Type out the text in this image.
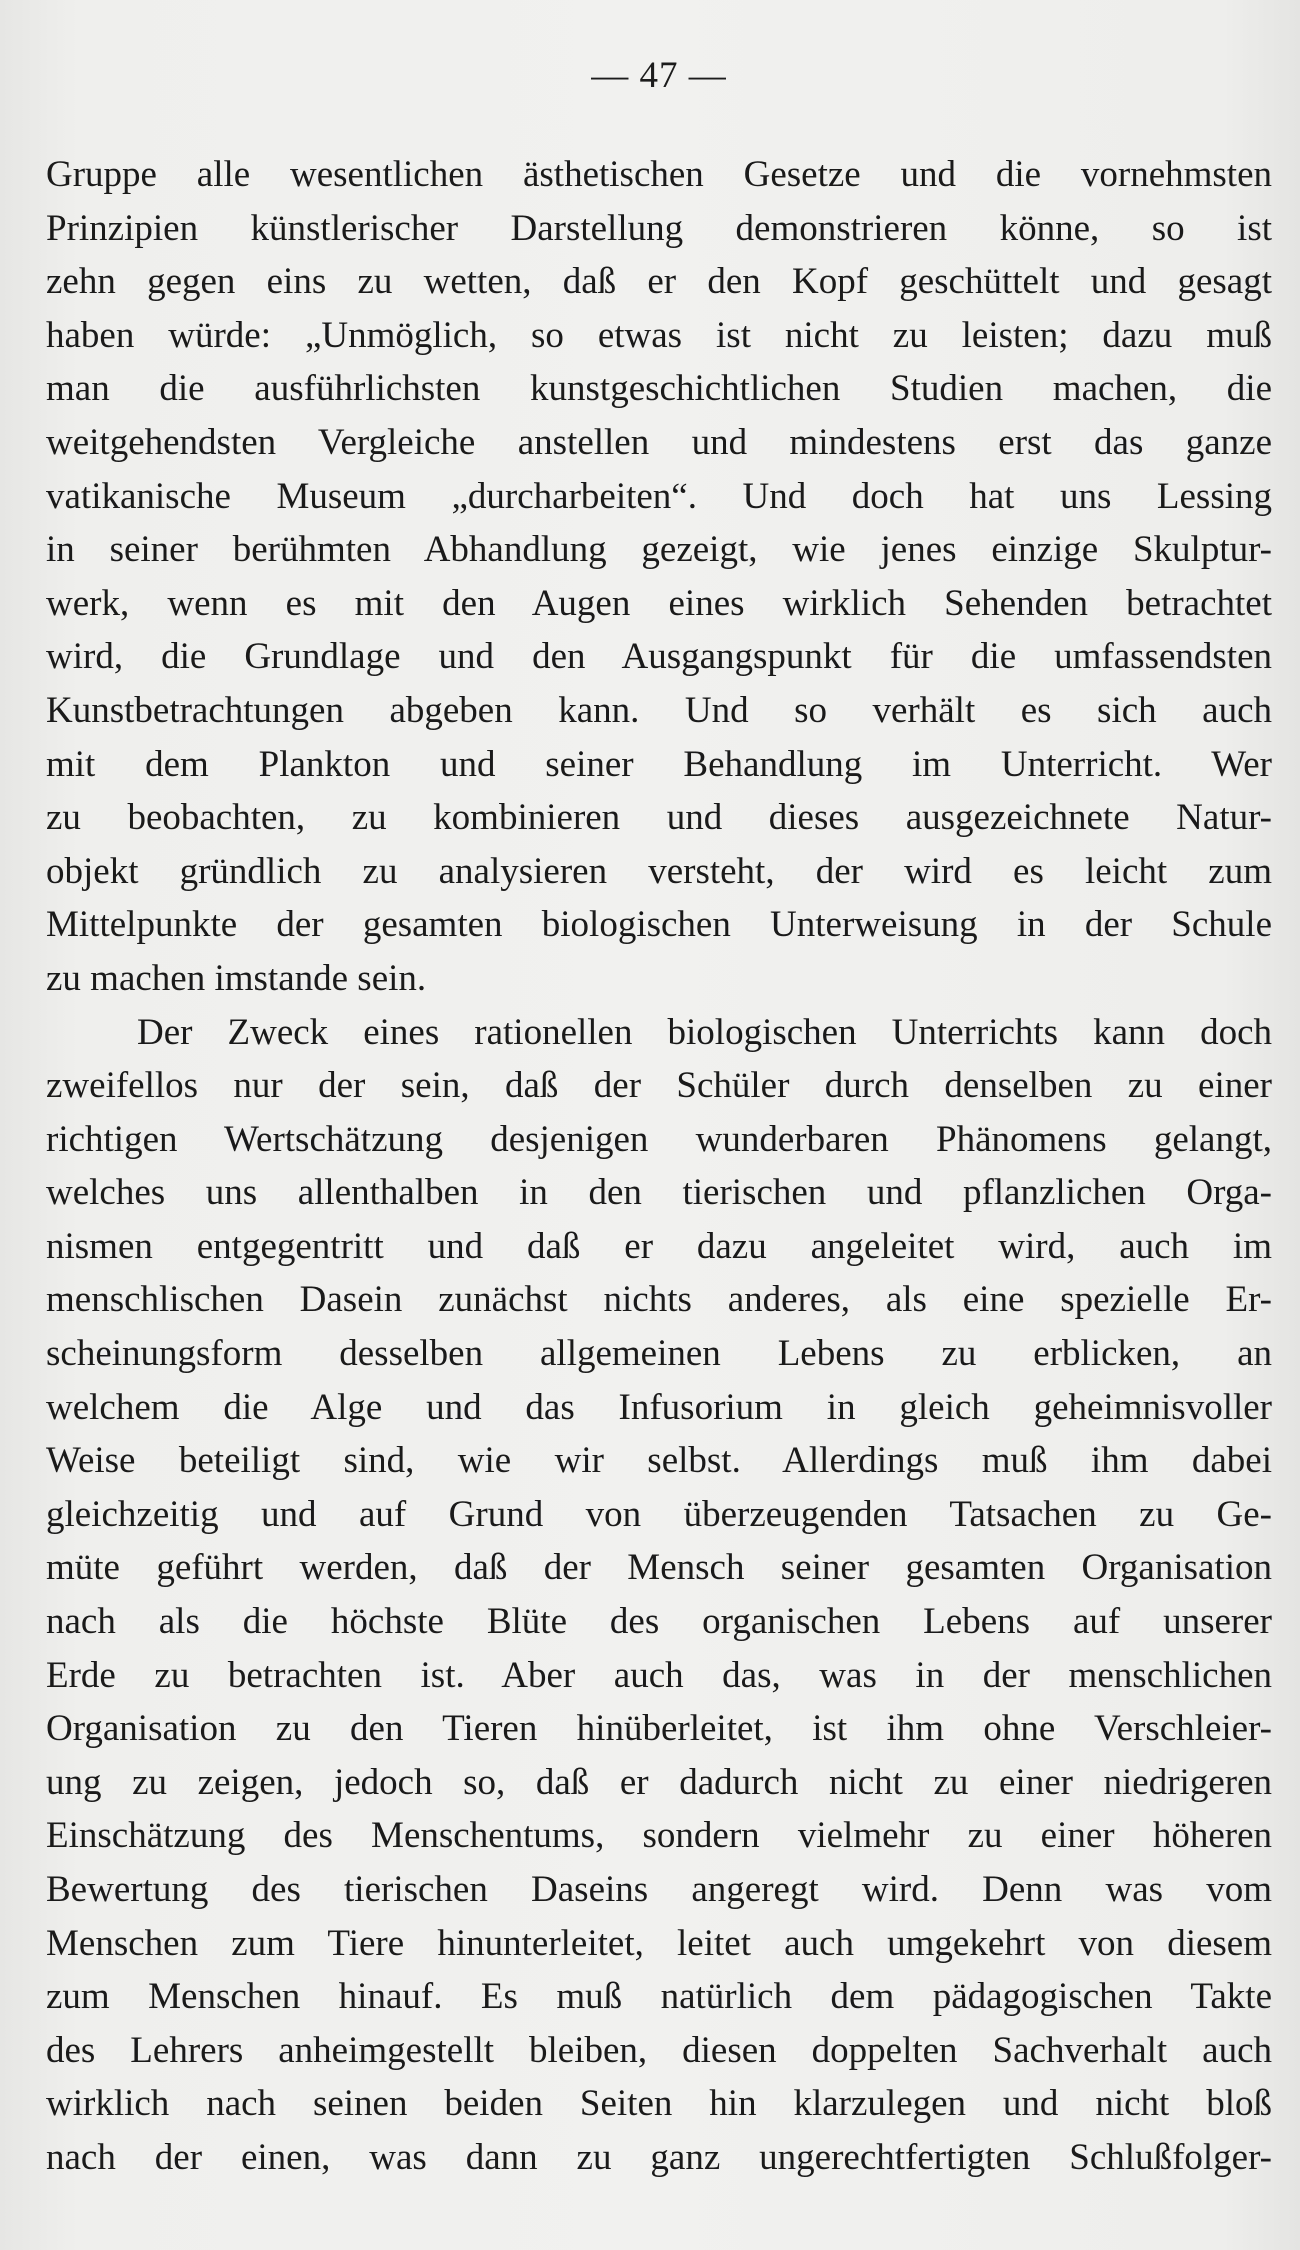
— 47 —
Gruppe alle wesentlichen ästhetischen Gesetze und die vornehmsten
Prinzipien künstlerischer Darstellung demonstrieren könne, so ist
zehn gegen eins zu wetten, daß er den Kopf geschüttelt und gesagt
haben würde: „Unmöglich, so etwas ist nicht zu leisten; dazu muß
man die ausführlichsten kunstgeschichtlichen Studien machen, die
weitgehendsten Vergleiche anstellen und mindestens erst das ganze
vatikanische Museum „durcharbeiten“. Und doch hat uns Lessing
in seiner berühmten Abhandlung gezeigt, wie jenes einzige Skulptur-
werk, wenn es mit den Augen eines wirklich Sehenden betrachtet
wird, die Grundlage und den Ausgangspunkt für die umfassendsten
Kunstbetrachtungen abgeben kann. Und so verhält es sich auch
mit dem Plankton und seiner Behandlung im Unterricht. Wer
zu beobachten, zu kombinieren und dieses ausgezeichnete Natur-
objekt gründlich zu analysieren versteht, der wird es leicht zum
Mittelpunkte der gesamten biologischen Unterweisung in der Schule
zu machen imstande sein.
Der Zweck eines rationellen biologischen Unterrichts kann doch
zweifellos nur der sein, daß der Schüler durch denselben zu einer
richtigen Wertschätzung desjenigen wunderbaren Phänomens gelangt,
welches uns allenthalben in den tierischen und pflanzlichen Orga-
nismen entgegentritt und daß er dazu angeleitet wird, auch im
menschlischen Dasein zunächst nichts anderes, als eine spezielle Er-
scheinungsform desselben allgemeinen Lebens zu erblicken, an
welchem die Alge und das Infusorium in gleich geheimnisvoller
Weise beteiligt sind, wie wir selbst. Allerdings muß ihm dabei
gleichzeitig und auf Grund von überzeugenden Tatsachen zu Ge-
müte geführt werden, daß der Mensch seiner gesamten Organisation
nach als die höchste Blüte des organischen Lebens auf unserer
Erde zu betrachten ist. Aber auch das, was in der menschlichen
Organisation zu den Tieren hinüberleitet, ist ihm ohne Verschleier-
ung zu zeigen, jedoch so, daß er dadurch nicht zu einer niedrigeren
Einschätzung des Menschentums, sondern vielmehr zu einer höheren
Bewertung des tierischen Daseins angeregt wird. Denn was vom
Menschen zum Tiere hinunterleitet, leitet auch umgekehrt von diesem
zum Menschen hinauf. Es muß natürlich dem pädagogischen Takte
des Lehrers anheimgestellt bleiben, diesen doppelten Sachverhalt auch
wirklich nach seinen beiden Seiten hin klarzulegen und nicht bloß
nach der einen, was dann zu ganz ungerechtfertigten Schlußfolger-
